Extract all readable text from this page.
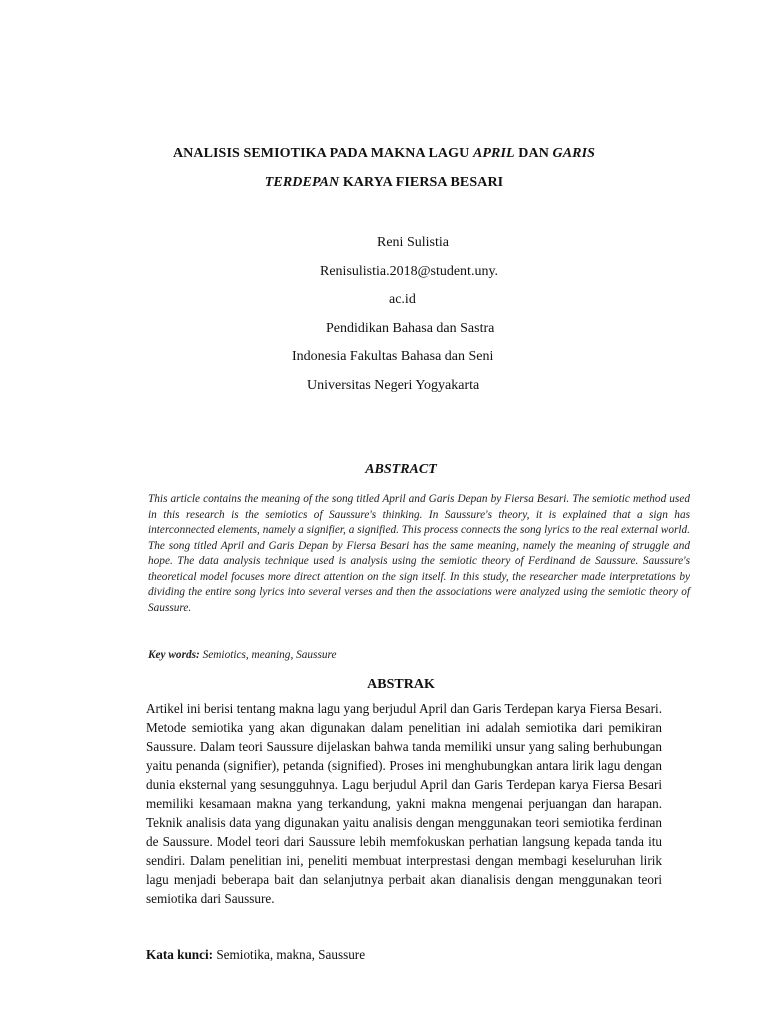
ANALISIS SEMIOTIKA PADA MAKNA LAGU APRIL DAN GARIS
TERDEPAN KARYA FIERSA BESARI
Reni Sulistia
Renisulistia.2018@student.uny.
ac.id
Pendidikan Bahasa dan Sastra
Indonesia Fakultas Bahasa dan Seni
Universitas Negeri Yogyakarta
ABSTRACT
This article contains the meaning of the song titled April and Garis Depan by Fiersa Besari. The semiotic method used in this research is the semiotics of Saussure's thinking. In Saussure's theory, it is explained that a sign has interconnected elements, namely a signifier, a signified. This process connects the song lyrics to the real external world. The song titled April and Garis Depan by Fiersa Besari has the same meaning, namely the meaning of struggle and hope. The data analysis technique used is analysis using the semiotic theory of Ferdinand de Saussure. Saussure's theoretical model focuses more direct attention on the sign itself. In this study, the researcher made interpretations by dividing the entire song lyrics into several verses and then the associations were analyzed using the semiotic theory of Saussure.
Key words: Semiotics, meaning, Saussure
ABSTRAK
Artikel ini berisi tentang makna lagu yang berjudul April dan Garis Terdepan karya Fiersa Besari. Metode semiotika yang akan digunakan dalam penelitian ini adalah semiotika dari pemikiran Saussure. Dalam teori Saussure dijelaskan bahwa tanda memiliki unsur yang saling berhubungan yaitu penanda (signifier), petanda (signified). Proses ini menghubungkan antara lirik lagu dengan dunia eksternal yang sesungguhnya. Lagu berjudul April dan Garis Terdepan karya Fiersa Besari memiliki kesamaan makna yang terkandung, yakni makna mengenai perjuangan dan harapan. Teknik analisis data yang digunakan yaitu analisis dengan menggunakan teori semiotika ferdinan de Saussure. Model teori dari Saussure lebih memfokuskan perhatian langsung kepada tanda itu sendiri. Dalam penelitian ini, peneliti membuat interprestasi dengan membagi keseluruhan lirik lagu menjadi beberapa bait dan selanjutnya perbait akan dianalisis dengan menggunakan teori semiotika dari Saussure.
Kata kunci: Semiotika, makna, Saussure
